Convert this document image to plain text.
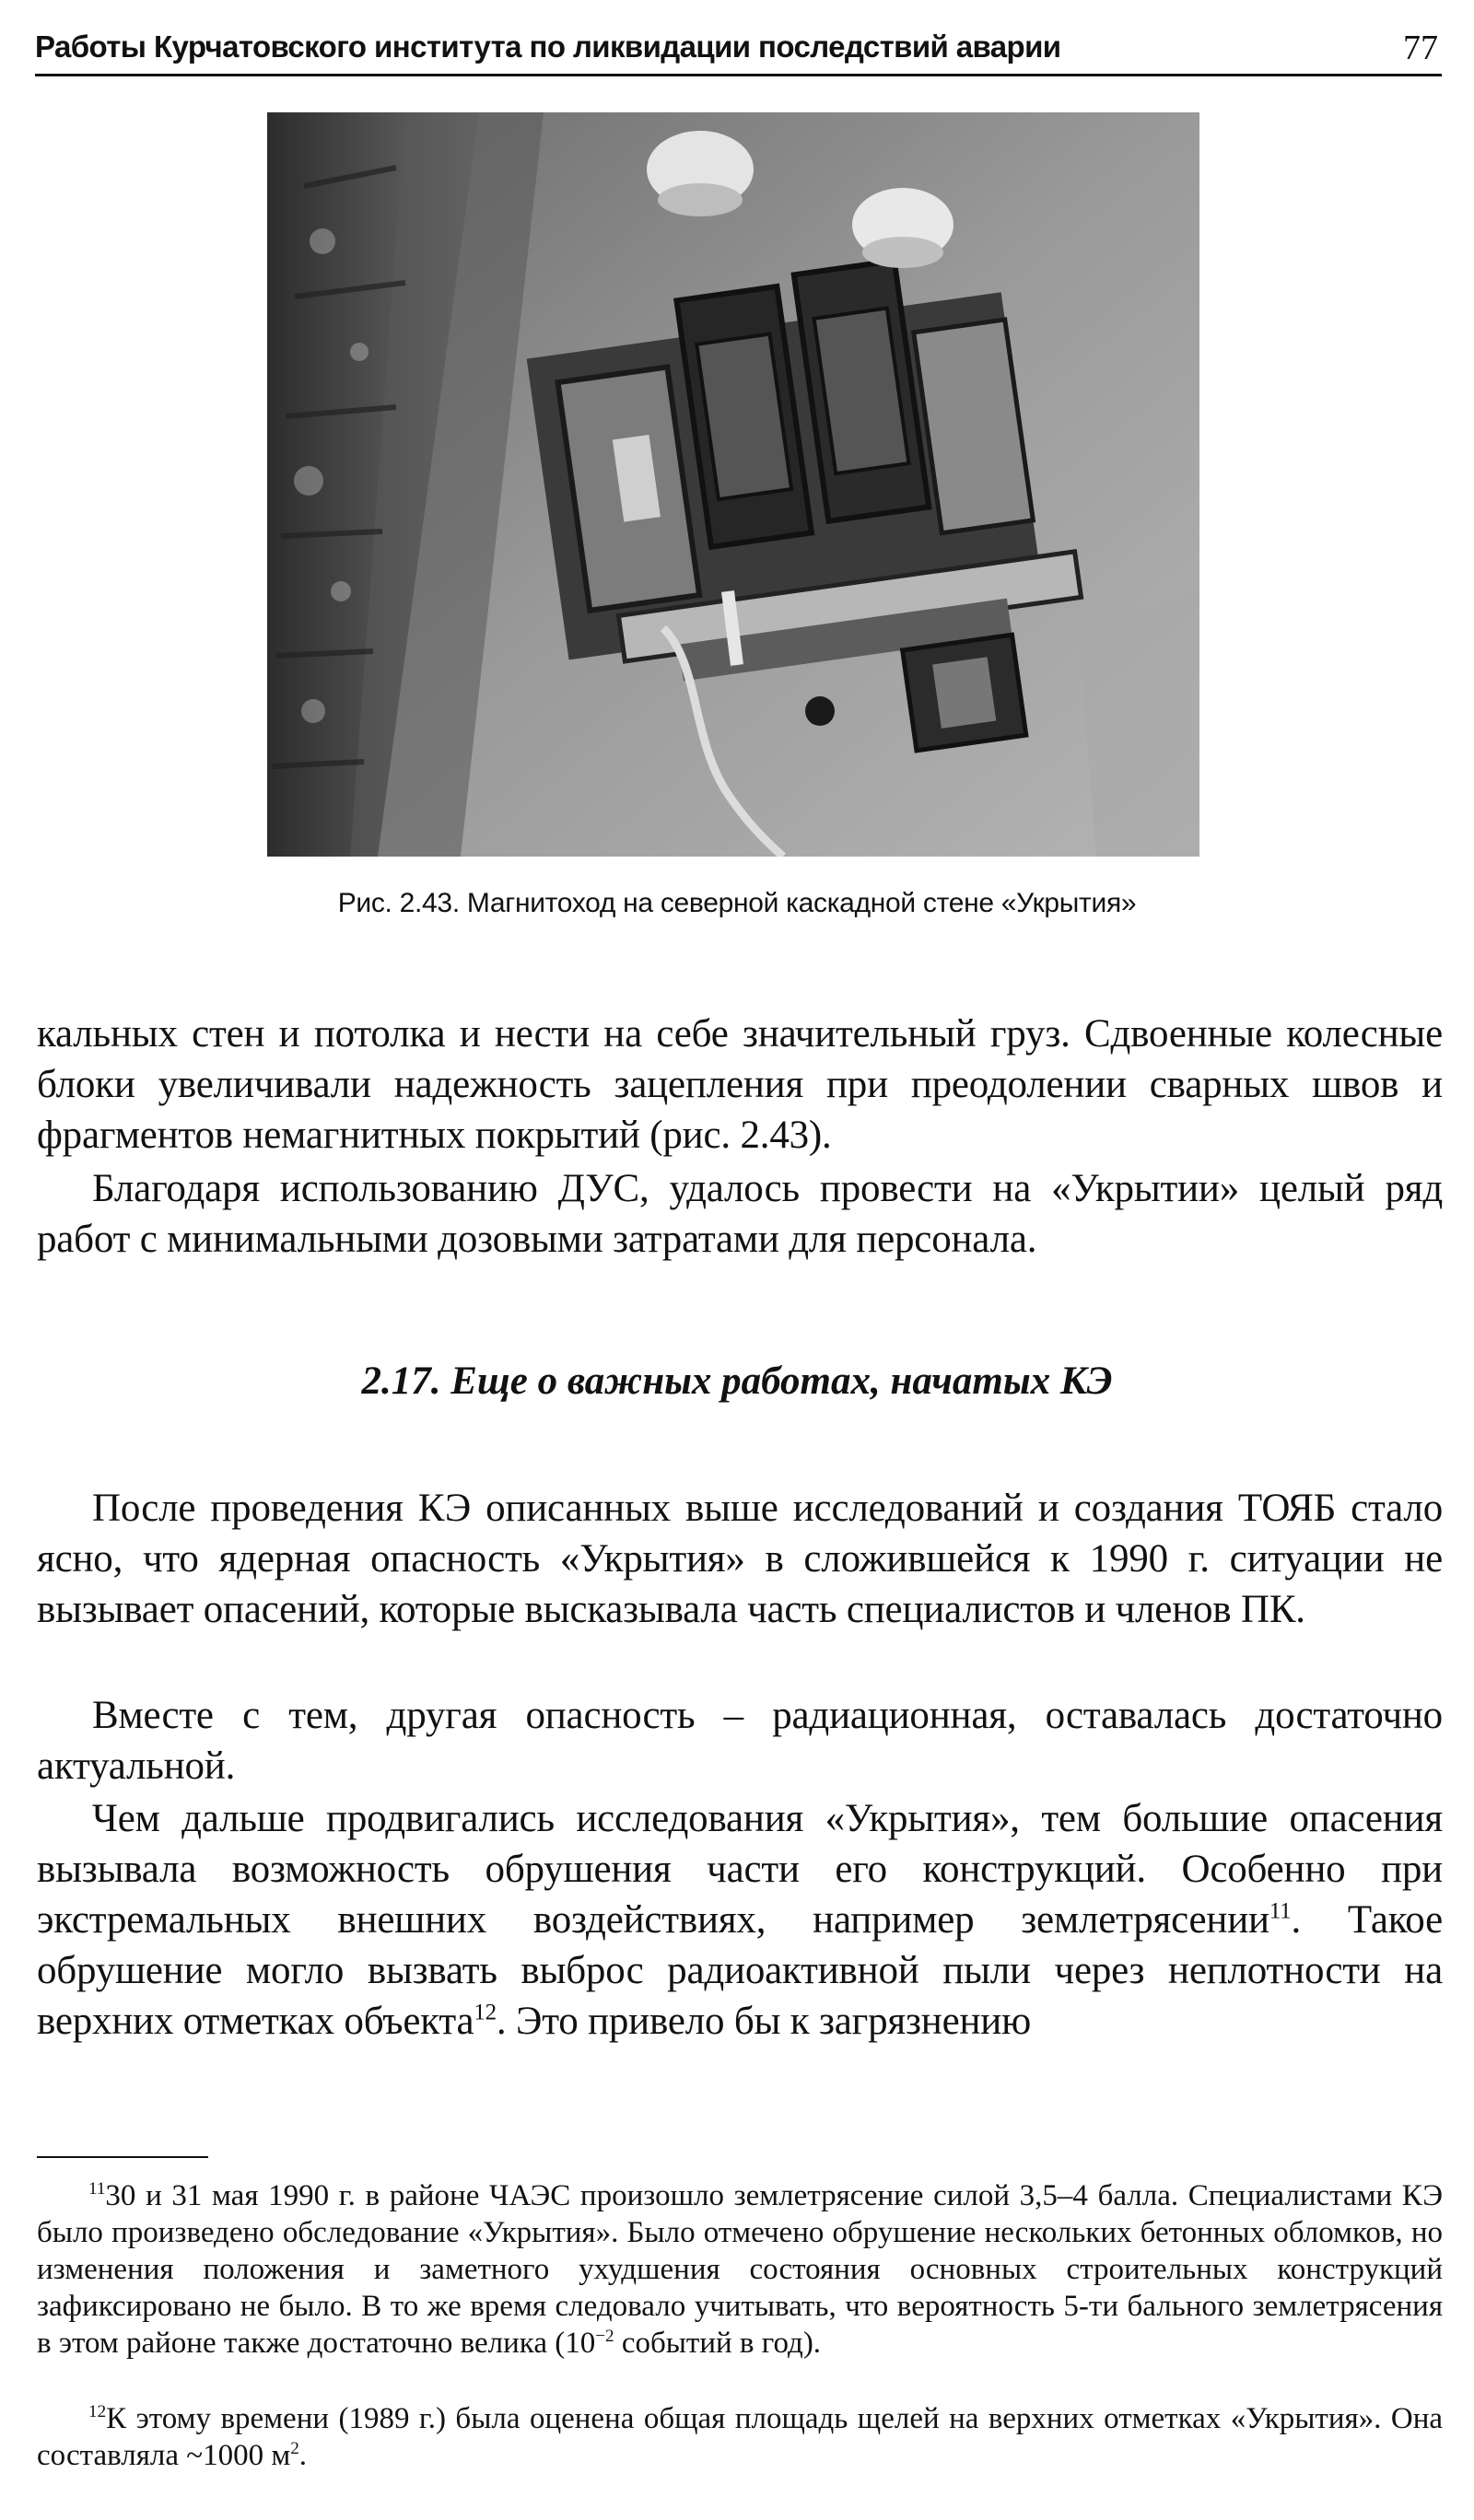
Работы Курчатовского института по ликвидации последствий аварии	77
Рис. 2.43. Магнитоход на северной каскадной стене «Укрытия»

кальных стен и потолка и нести на себе значительный груз. Сдвоенные колесные блоки увеличивали надежность зацепления при преодолении сварных швов и фрагментов немагнитных покрытий (рис. 2.43).

Благодаря использованию ДУС, удалось провести на «Укрытии» целый ряд работ с минимальными дозовыми затратами для персонала.

2.17. Еще о важных работах, начатых КЭ

После проведения КЭ описанных выше исследований и создания ТОЯБ стало ясно, что ядерная опасность «Укрытия» в сложившейся к 1990 г. ситуации не вызывает опасений, которые высказывала часть специалистов и членов ПК.

Вместе с тем, другая опасность – радиационная, оставалась достаточно актуальной.

Чем дальше продвигались исследования «Укрытия», тем большие опасения вызывала возможность обрушения части его конструкций. Особенно при экстремальных внешних воздействиях, например землетрясении$^{11}$. Такое обрушение могло вызвать выброс радиоактивной пыли через неплотности на верхних отметках объекта$^{12}$. Это привело бы к загрязнению

$^{11}$30 и 31 мая 1990 г. в районе ЧАЭС произошло землетрясение силой 3,5–4 балла. Специалистами КЭ было произведено обследование «Укрытия». Было отмечено обрушение нескольких бетонных обломков, но изменения положения и заметного ухудшения состояния основных строительных конструкций зафиксировано не было. В то же время следовало учитывать, что вероятность 5-ти бального землетрясения в этом районе также достаточно велика ($10^{-2}$ событий в год).

$^{12}$К этому времени (1989 г.) была оценена общая площадь щелей на верхних отметках «Укрытия». Она составляла ~1000 $м^2$.
